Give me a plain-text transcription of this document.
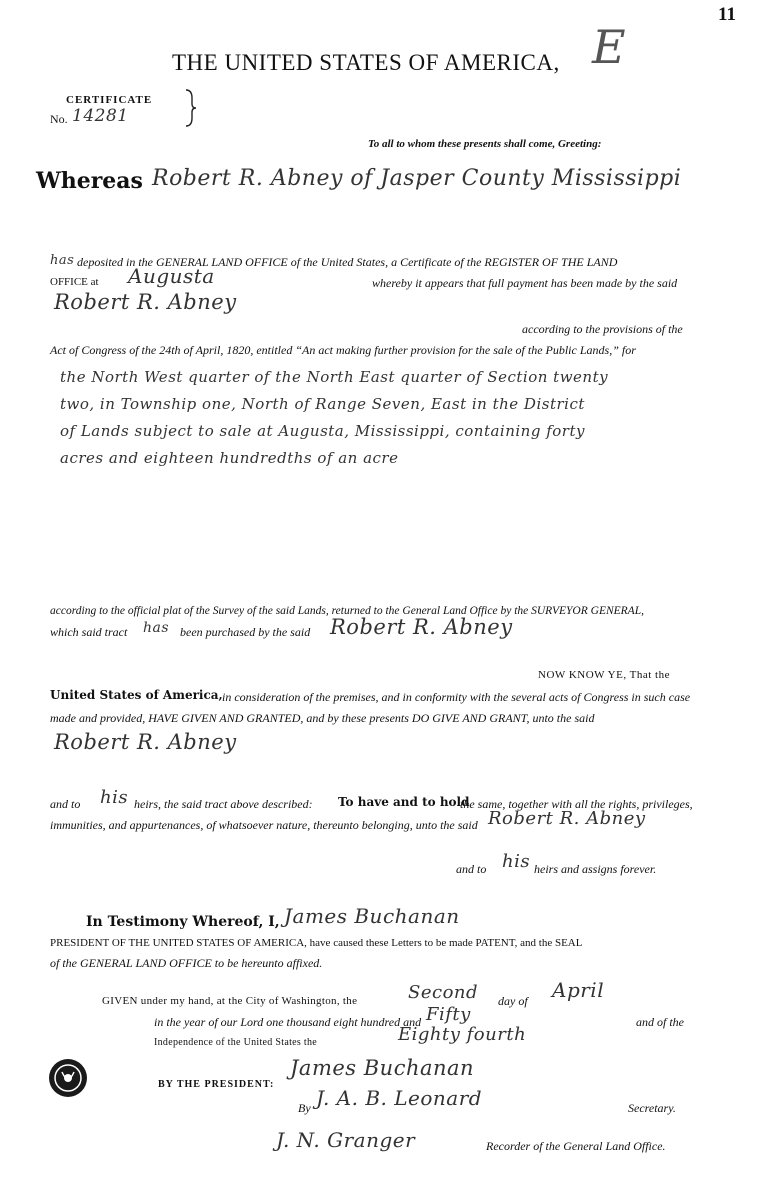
11
E
THE UNITED STATES OF AMERICA,
CERTIFICATE
No. 14281
To all to whom these presents shall come, Greeting:
Whereas Robert R. Abney of Jasper County Mississippi
has deposited in the GENERAL LAND OFFICE of the United States, a Certificate of the REGISTER OF THE LAND
OFFICE at Augusta	whereby it appears that full payment has been made by the said
Robert R. Abney
according to the provisions of the
Act of Congress of the 24th of April, 1820, entitled “An act making further provision for the sale of the Public Lands,” for
the North West quarter of the North East quarter of Section twenty
two, in Township one, North of Range Seven, East in the District
of Lands subject to sale at Augusta, Mississippi, containing forty
acres and eighteen hundredths of an acre
according to the official plat of the Survey of the said Lands, returned to the General Land Office by the SURVEYOR GENERAL,
which said tract has been purchased by the said Robert R. Abney
NOW KNOW YE, That the
United States of America, in consideration of the premises, and in conformity with the several acts of Congress in such case
made and provided, HAVE GIVEN AND GRANTED, and by these presents DO GIVE AND GRANT, unto the said
Robert R. Abney
and to his heirs, the said tract above described: To have and to hold
the same, together with all the rights, privileges,
immunities, and appurtenances, of whatsoever nature, thereunto belonging, unto the said Robert R. Abney
and to his heirs and assigns forever.
In Testimony Whereof, I, James Buchanan
PRESIDENT OF THE UNITED STATES OF AMERICA, have caused these Letters to be made PATENT, and the SEAL
of the GENERAL LAND OFFICE to be hereunto affixed.
GIVEN under my hand, at the City of Washington, the	Second day of April
in the year of our Lord one thousand eight hundred and Fifty	and of the
Independence of the United States the	Eighty fourth
BY THE PRESIDENT:
James Buchanan
By J. A. B. Leonard	Secretary.
J. N. Granger	Recorder of the General Land Office.
